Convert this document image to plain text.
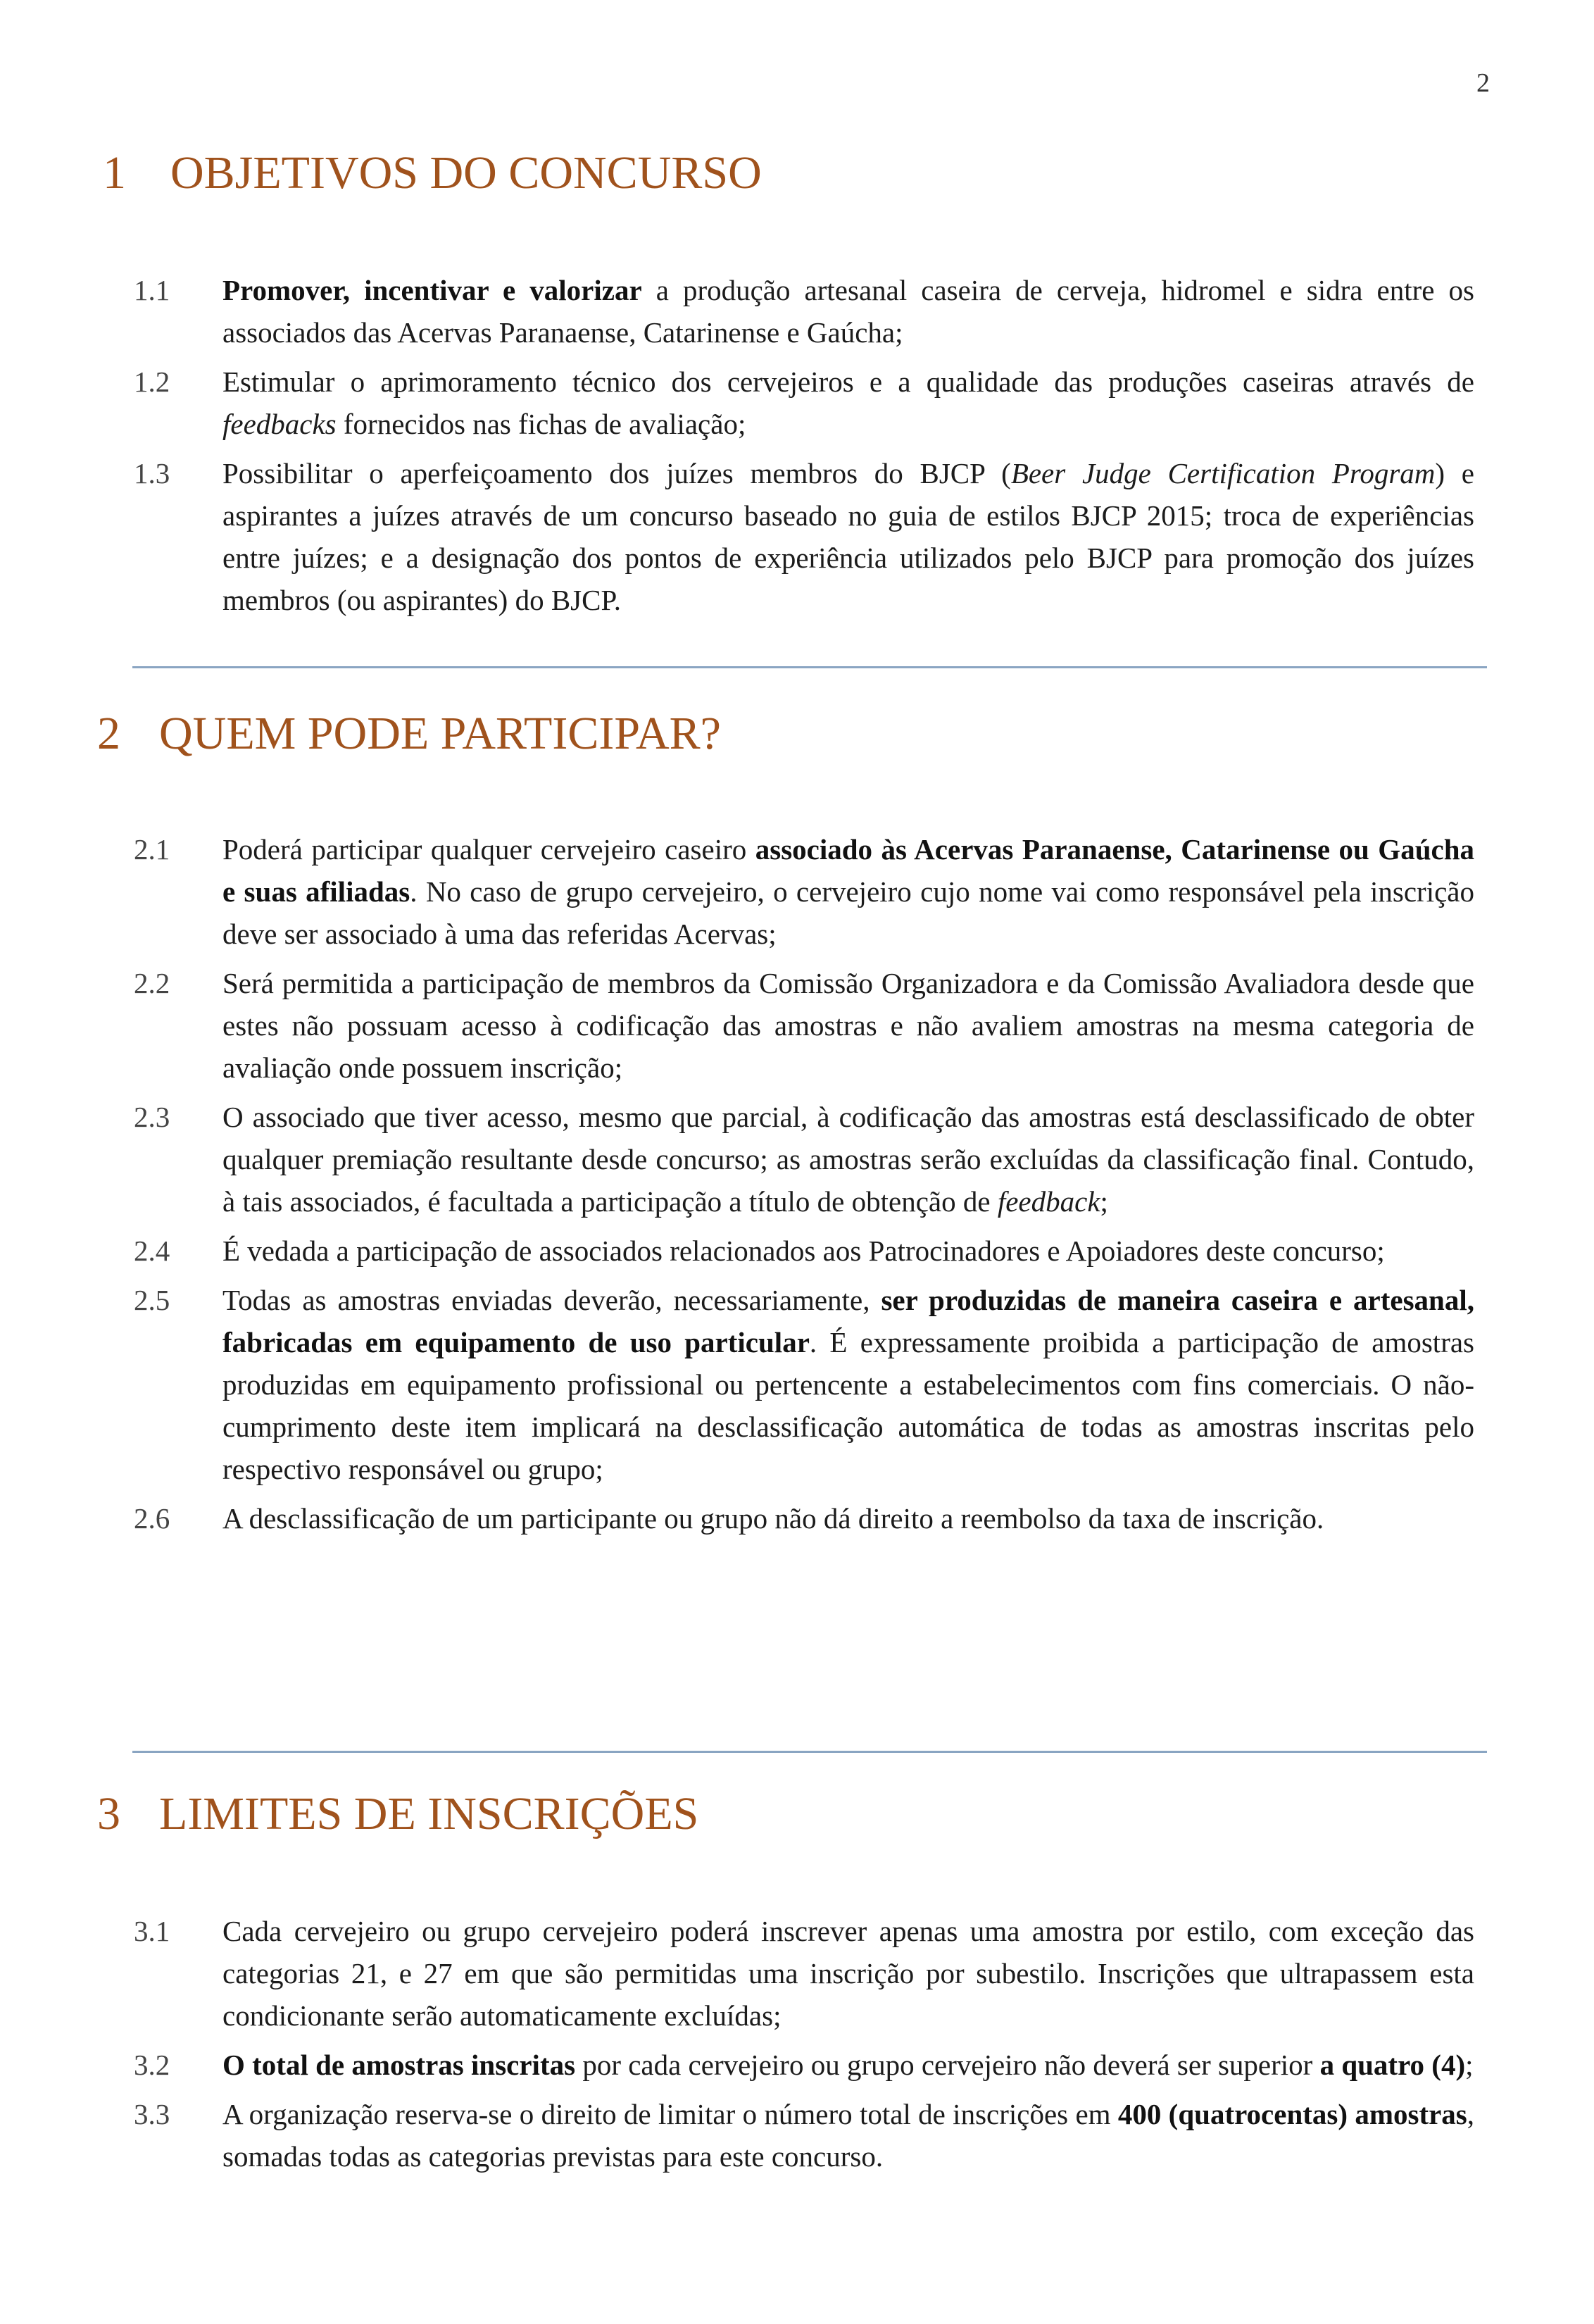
2
1 OBJETIVOS DO CONCURSO
1.1	Promover, incentivar e valorizar a produção artesanal caseira de cerveja, hidromel e sidra entre os associados das Acervas Paranaense, Catarinense e Gaúcha;
1.2	Estimular o aprimoramento técnico dos cervejeiros e a qualidade das produções caseiras através de feedbacks fornecidos nas fichas de avaliação;
1.3	Possibilitar o aperfeiçoamento dos juízes membros do BJCP (Beer Judge Certification Program) e aspirantes a juízes através de um concurso baseado no guia de estilos BJCP 2015; troca de experiências entre juízes; e a designação dos pontos de experiência utilizados pelo BJCP para promoção dos juízes membros (ou aspirantes) do BJCP.
2 QUEM PODE PARTICIPAR?
2.1	Poderá participar qualquer cervejeiro caseiro associado às Acervas Paranaense, Catarinense ou Gaúcha e suas afiliadas. No caso de grupo cervejeiro, o cervejeiro cujo nome vai como responsável pela inscrição deve ser associado à uma das referidas Acervas;
2.2	Será permitida a participação de membros da Comissão Organizadora e da Comissão Avaliadora desde que estes não possuam acesso à codificação das amostras e não avaliem amostras na mesma categoria de avaliação onde possuem inscrição;
2.3	O associado que tiver acesso, mesmo que parcial, à codificação das amostras está desclassificado de obter qualquer premiação resultante desde concurso; as amostras serão excluídas da classificação final. Contudo, à tais associados, é facultada a participação a título de obtenção de feedback;
2.4	É vedada a participação de associados relacionados aos Patrocinadores e Apoiadores deste concurso;
2.5	Todas as amostras enviadas deverão, necessariamente, ser produzidas de maneira caseira e artesanal, fabricadas em equipamento de uso particular. É expressamente proibida a participação de amostras produzidas em equipamento profissional ou pertencente a estabelecimentos com fins comerciais. O não-cumprimento deste item implicará na desclassificação automática de todas as amostras inscritas pelo respectivo responsável ou grupo;
2.6	A desclassificação de um participante ou grupo não dá direito a reembolso da taxa de inscrição.
3 LIMITES DE INSCRIÇÕES
3.1	Cada cervejeiro ou grupo cervejeiro poderá inscrever apenas uma amostra por estilo, com exceção das categorias 21, e 27 em que são permitidas uma inscrição por subestilo. Inscrições que ultrapassem esta condicionante serão automaticamente excluídas;
3.2	O total de amostras inscritas por cada cervejeiro ou grupo cervejeiro não deverá ser superior a quatro (4);
3.3	A organização reserva-se o direito de limitar o número total de inscrições em 400 (quatrocentas) amostras, somadas todas as categorias previstas para este concurso.
